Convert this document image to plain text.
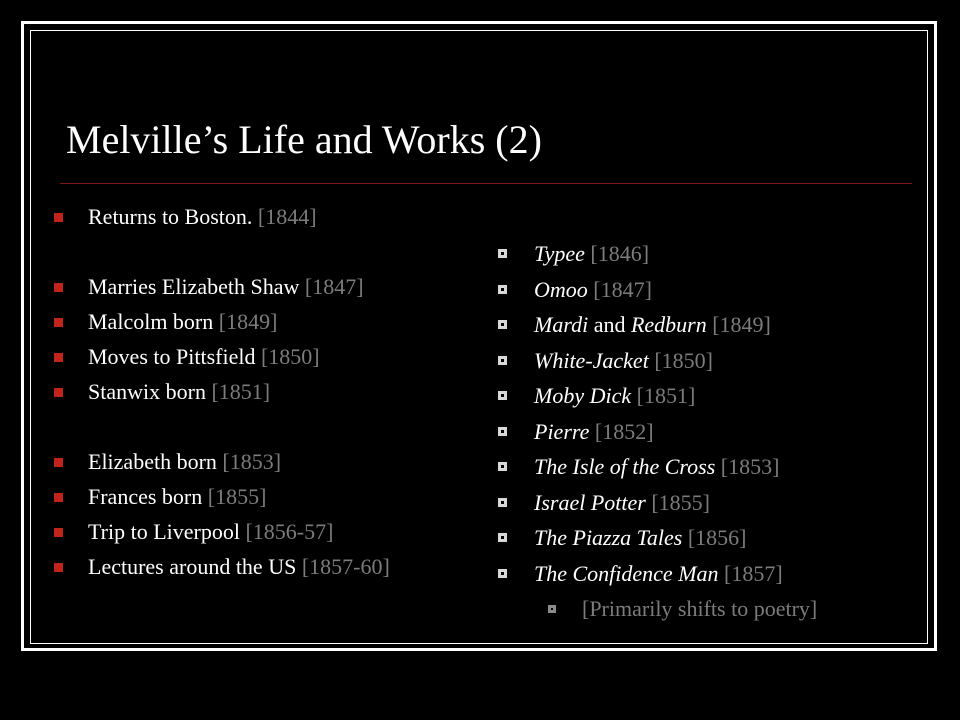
Melville’s Life and Works (2)
Returns to Boston. [1844]
Marries Elizabeth Shaw [1847]
Malcolm born [1849]
Moves to Pittsfield [1850]
Stanwix born [1851]
Elizabeth born [1853]
Frances born [1855]
Trip to Liverpool [1856-57]
Lectures around the US [1857-60]
Typee [1846]
Omoo [1847]
Mardi and Redburn [1849]
White-Jacket [1850]
Moby Dick [1851]
Pierre [1852]
The Isle of the Cross [1853]
Israel Potter [1855]
The Piazza Tales [1856]
The Confidence Man [1857]
[Primarily shifts to poetry]
